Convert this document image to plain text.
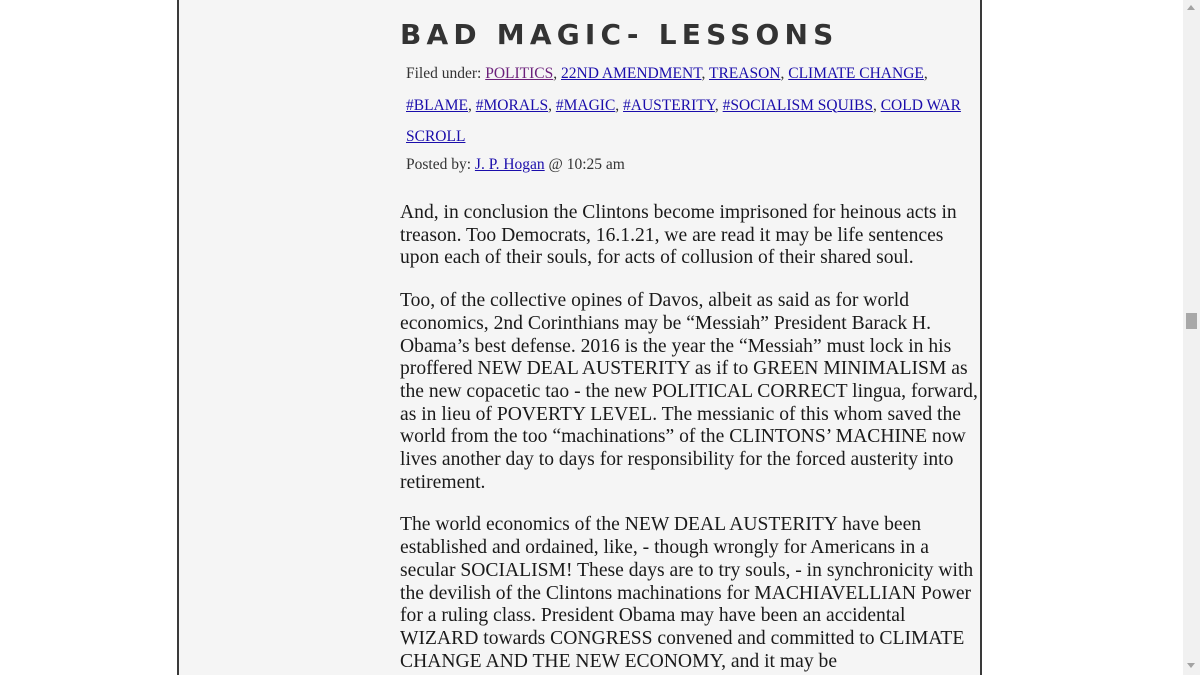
BAD MAGIC- LESSONS
Filed under: POLITICS, 22ND AMENDMENT, TREASON, CLIMATE CHANGE, #BLAME, #MORALS, #MAGIC, #AUSTERITY, #SOCIALISM SQUIBS, COLD WAR SCROLL
Posted by: J. P. Hogan @ 10:25 am

And, in conclusion the Clintons become imprisoned for heinous acts in treason. Too Democrats, 16.1.21, we are read it may be life sentences upon each of their souls, for acts of collusion of their shared soul.

Too, of the collective opines of Davos, albeit as said as for world economics, 2nd Corinthians may be “Messiah” President Barack H. Obama’s best defense. 2016 is the year the “Messiah” must lock in his proffered NEW DEAL AUSTERITY as if to GREEN MINIMALISM as the new copacetic tao - the new POLITICAL CORRECT lingua, forward, as in lieu of POVERTY LEVEL. The messianic of this whom saved the world from the too “machinations” of the CLINTONS’ MACHINE now lives another day to days for responsibility for the forced austerity into retirement.

The world economics of the NEW DEAL AUSTERITY have been established and ordained, like, - though wrongly for Americans in a secular SOCIALISM! These days are to try souls, - in synchronicity with the devilish of the Clintons machinations for MACHIAVELLIAN Power for a ruling class. President Obama may have been an accidental WIZARD towards CONGRESS convened and committed to CLIMATE CHANGE AND THE NEW ECONOMY, and it may be
